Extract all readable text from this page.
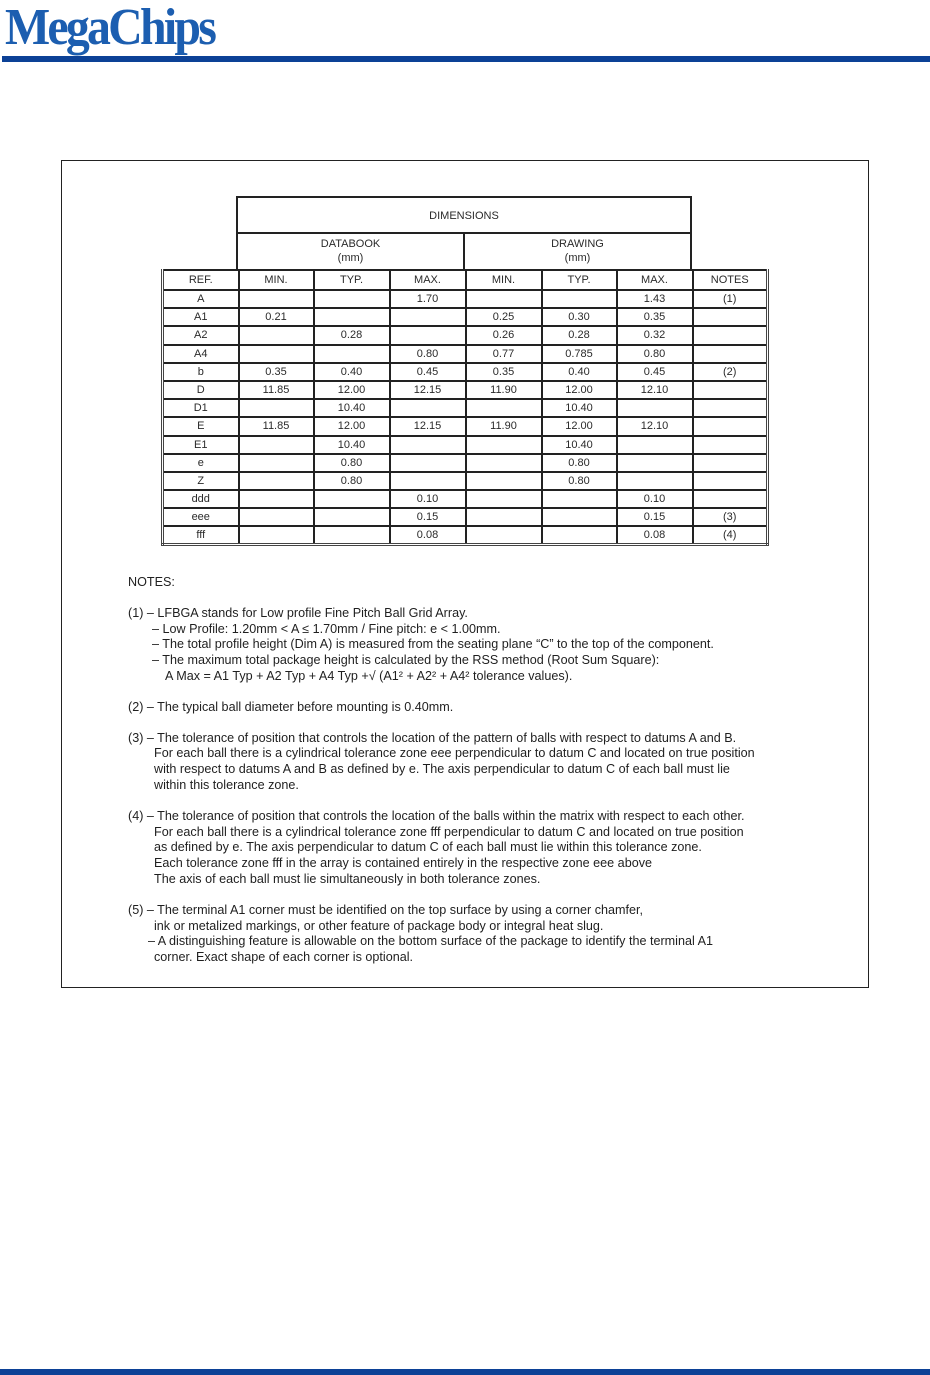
MegaChips
DIMENSIONS
DATABOOK
(mm)
DRAWING
(mm)
REF.	MIN.	TYP.	MAX.	MIN.	TYP.	MAX.	NOTES
A			1.70			1.43	(1)
A1	0.21			0.25	0.30	0.35	
A2		0.28		0.26	0.28	0.32	
A4			0.80	0.77	0.785	0.80	
b	0.35	0.40	0.45	0.35	0.40	0.45	(2)
D	11.85	12.00	12.15	11.90	12.00	12.10	
D1		10.40			10.40		
E	11.85	12.00	12.15	11.90	12.00	12.10	
E1		10.40			10.40		
e		0.80			0.80		
Z		0.80			0.80		
ddd			0.10			0.10	
eee			0.15			0.15	(3)
fff			0.08			0.08	(4)
NOTES:
(1) – LFBGA stands for Low profile Fine Pitch Ball Grid Array.
– Low Profile: 1.20mm < A ≤ 1.70mm / Fine pitch: e < 1.00mm.
– The total profile height (Dim A) is measured from the seating plane “C” to the top of the component.
– The maximum total package height is calculated by the RSS method (Root Sum Square):
A Max = A1 Typ + A2 Typ + A4 Typ +√ (A1² + A2² + A4² tolerance values).
(2) – The typical ball diameter before mounting is 0.40mm.
(3) – The tolerance of position that controls the location of the pattern of balls with respect to datums A and B.
For each ball there is a cylindrical tolerance zone eee perpendicular to datum C and located on true position
with respect to datums A and B as defined by e. The axis perpendicular to datum C of each ball must lie
within this tolerance zone.
(4) – The tolerance of position that controls the location of the balls within the matrix with respect to each other.
For each ball there is a cylindrical tolerance zone fff perpendicular to datum C and located on true position
as defined by e. The axis perpendicular to datum C of each ball must lie within this tolerance zone.
Each tolerance zone fff in the array is contained entirely in the respective zone eee above
The axis of each ball must lie simultaneously in both tolerance zones.
(5) – The terminal A1 corner must be identified on the top surface by using a corner chamfer,
ink or metalized markings, or other feature of package body or integral heat slug.
– A distinguishing feature is allowable on the bottom surface of the package to identify the terminal A1
corner. Exact shape of each corner is optional.
